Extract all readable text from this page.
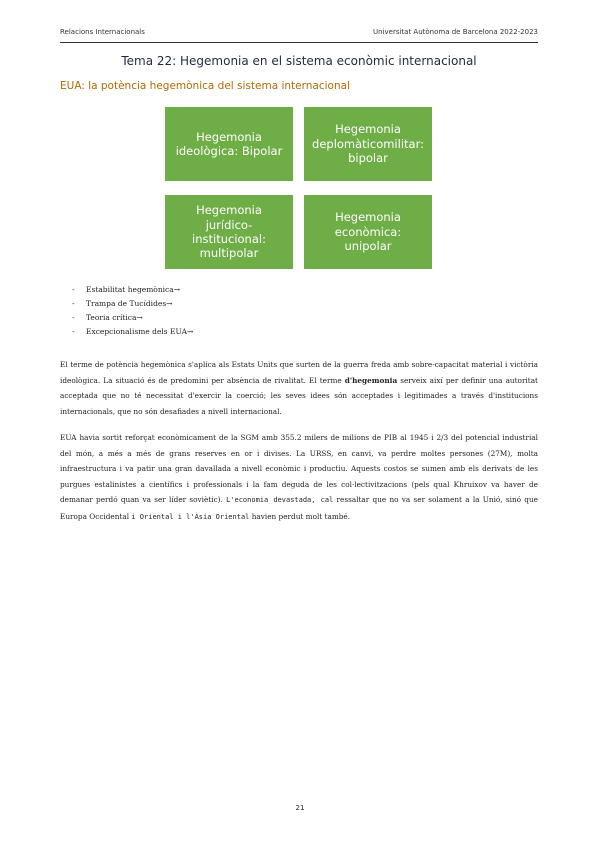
Relacions Internacionals	Universitat Autònoma de Barcelona 2022-2023
Tema 22: Hegemonia en el sistema econòmic internacional
EUA: la potència hegemònica del sistema internacional
Hegemonia ideològica: Bipolar
Hegemonia deplomàticomilitar: bipolar
Hegemonia jurídico-institucional: multipolar
Hegemonia econòmica: unipolar
- Estabilitat hegemònica→
- Trampa de Tucídides→
- Teoria crítica→
- Excepcionalisme dels EUA→

El terme de potència hegemònica s'aplica als Estats Units que surten de la guerra freda amb sobre-capacitat material i victòria ideològica. La situació és de predomini per absència de rivalitat. El terme d'hegemonia serveix així per definir una autoritat acceptada que no té necessitat d'exercir la coerció; les seves idees són acceptades i legitimades a través d'institucions internacionals, que no són desafiades a nivell internacional.

EUA havia sortit reforçat econòmicament de la SGM amb 355.2 milers de milions de PIB al 1945 i 2/3 del potencial industrial del món, a més a més de grans reserves en or i divises. La URSS, en canvi, va perdre moltes persones (27M), molta infraestructura i va patir una gran davallada a nivell econòmic i productiu. Aquests costos se sumen amb els derivats de les purgues estalinistes a científics i professionals i la fam deguda de les col·lectivitzacions (pels qual Khruixov va haver de demanar perdó quan va ser líder soviètic). L'economia devastada, cal ressaltar que no va ser solament a la Unió, sinó que Europa Occidental i Oriental i l'Àsia Oriental havien perdut molt també.

21
